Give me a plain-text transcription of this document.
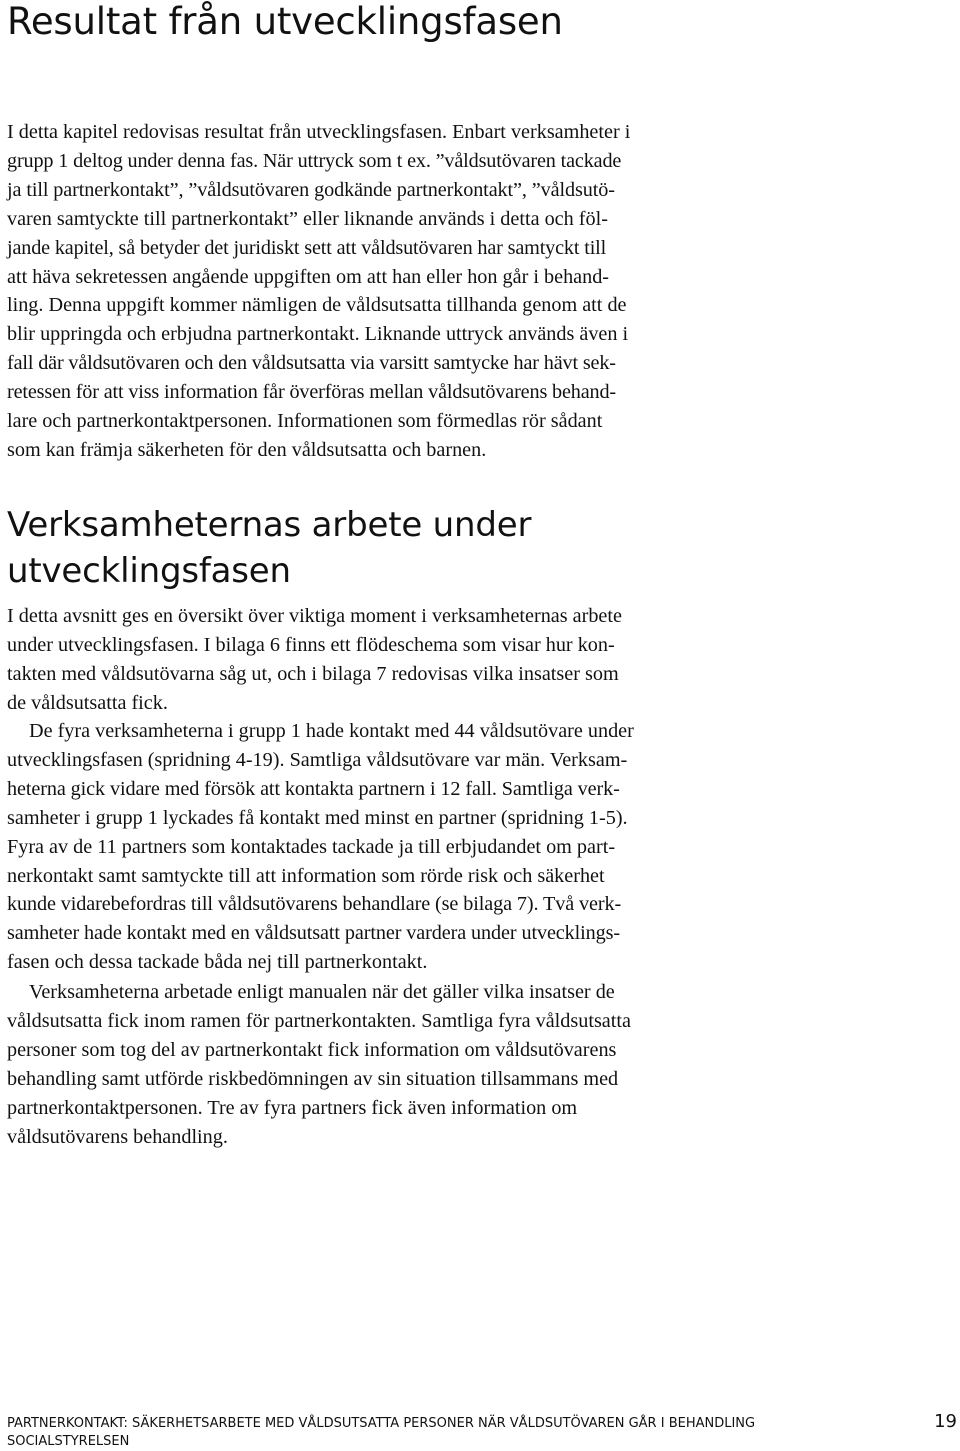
Resultat från utvecklingsfasen

I detta kapitel redovisas resultat från utvecklingsfasen. Enbart verksamheter i
grupp 1 deltog under denna fas. När uttryck som t ex. ”våldsutövaren tackade
ja till partnerkontakt”, ”våldsutövaren godkände partnerkontakt”, ”våldsutö-
varen samtyckte till partnerkontakt” eller liknande används i detta och föl-
jande kapitel, så betyder det juridiskt sett att våldsutövaren har samtyckt till
att häva sekretessen angående uppgiften om att han eller hon går i behand-
ling. Denna uppgift kommer nämligen de våldsutsatta tillhanda genom att de
blir uppringda och erbjudna partnerkontakt. Liknande uttryck används även i
fall där våldsutövaren och den våldsutsatta via varsitt samtycke har hävt sek-
retessen för att viss information får överföras mellan våldsutövarens behand-
lare och partnerkontaktpersonen. Informationen som förmedlas rör sådant
som kan främja säkerheten för den våldsutsatta och barnen.

Verksamheternas arbete under
utvecklingsfasen

I detta avsnitt ges en översikt över viktiga moment i verksamheternas arbete
under utvecklingsfasen. I bilaga 6 finns ett flödeschema som visar hur kon-
takten med våldsutövarna såg ut, och i bilaga 7 redovisas vilka insatser som
de våldsutsatta fick.

De fyra verksamheterna i grupp 1 hade kontakt med 44 våldsutövare under
utvecklingsfasen (spridning 4-19). Samtliga våldsutövare var män. Verksam-
heterna gick vidare med försök att kontakta partnern i 12 fall. Samtliga verk-
samheter i grupp 1 lyckades få kontakt med minst en partner (spridning 1-5).
Fyra av de 11 partners som kontaktades tackade ja till erbjudandet om part-
nerkontakt samt samtyckte till att information som rörde risk och säkerhet
kunde vidarebefordras till våldsutövarens behandlare (se bilaga 7). Två verk-
samheter hade kontakt med en våldsutsatt partner vardera under utvecklings-
fasen och dessa tackade båda nej till partnerkontakt.

Verksamheterna arbetade enligt manualen när det gäller vilka insatser de
våldsutsatta fick inom ramen för partnerkontakten. Samtliga fyra våldsutsatta
personer som tog del av partnerkontakt fick information om våldsutövarens
behandling samt utförde riskbedömningen av sin situation tillsammans med
partnerkontaktpersonen. Tre av fyra partners fick även information om
våldsutövarens behandling.

PARTNERKONTAKT: SÄKERHETSARBETE MED VÅLDSUTSATTA PERSONER NÄR VÅLDSUTÖVAREN GÅR I BEHANDLING
SOCIALSTYRELSEN
19
